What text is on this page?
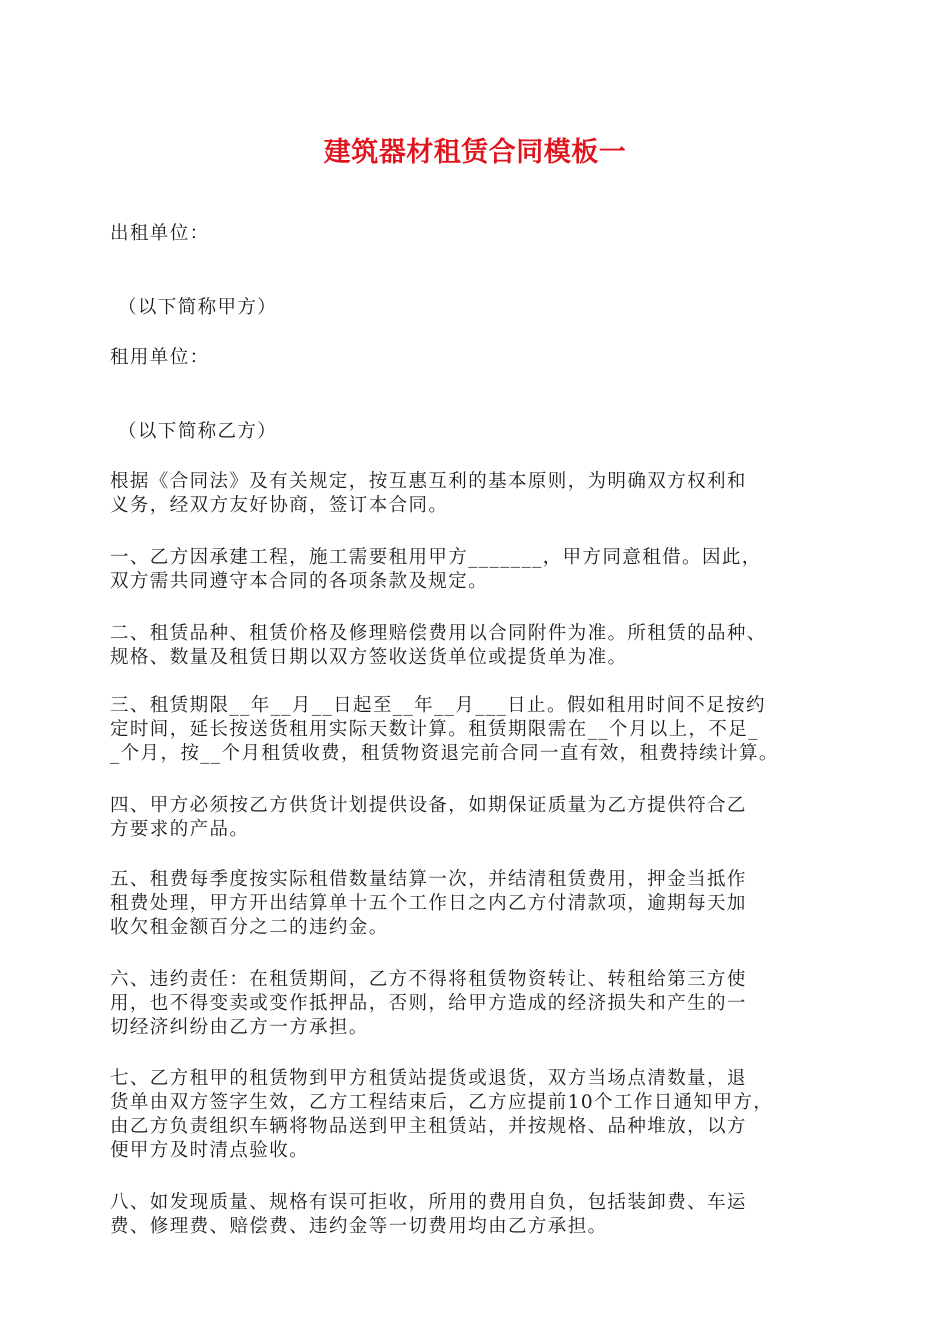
建筑器材租赁合同模板一
出租单位：
（以下简称甲方）
租用单位：
（以下简称乙方）
根据《合同法》及有关规定，按互惠互利的基本原则，为明确双方权利和
义务，经双方友好协商，签订本合同。
一、乙方因承建工程，施工需要租用甲方_______，甲方同意租借。因此，
双方需共同遵守本合同的各项条款及规定。
二、租赁品种、租赁价格及修理赔偿费用以合同附件为准。所租赁的品种、
规格、数量及租赁日期以双方签收送货单位或提货单为准。
三、租赁期限__年__月__日起至__年__月___日止。假如租用时间不足按约
定时间，延长按送货租用实际天数计算。租赁期限需在__个月以上，不足_
_个月，按__个月租赁收费，租赁物资退完前合同一直有效，租费持续计算。
四、甲方必须按乙方供货计划提供设备，如期保证质量为乙方提供符合乙
方要求的产品。
五、租费每季度按实际租借数量结算一次，并结清租赁费用，押金当抵作
租费处理，甲方开出结算单十五个工作日之内乙方付清款项，逾期每天加
收欠租金额百分之二的违约金。
六、违约责任：在租赁期间，乙方不得将租赁物资转让、转租给第三方使
用，也不得变卖或变作抵押品，否则，给甲方造成的经济损失和产生的一
切经济纠纷由乙方一方承担。
七、乙方租甲的租赁物到甲方租赁站提货或退货，双方当场点清数量，退
货单由双方签字生效，乙方工程结束后，乙方应提前10个工作日通知甲方，
由乙方负责组织车辆将物品送到甲主租赁站，并按规格、品种堆放，以方
便甲方及时清点验收。
八、如发现质量、规格有误可拒收，所用的费用自负，包括装卸费、车运
费、修理费、赔偿费、违约金等一切费用均由乙方承担。
